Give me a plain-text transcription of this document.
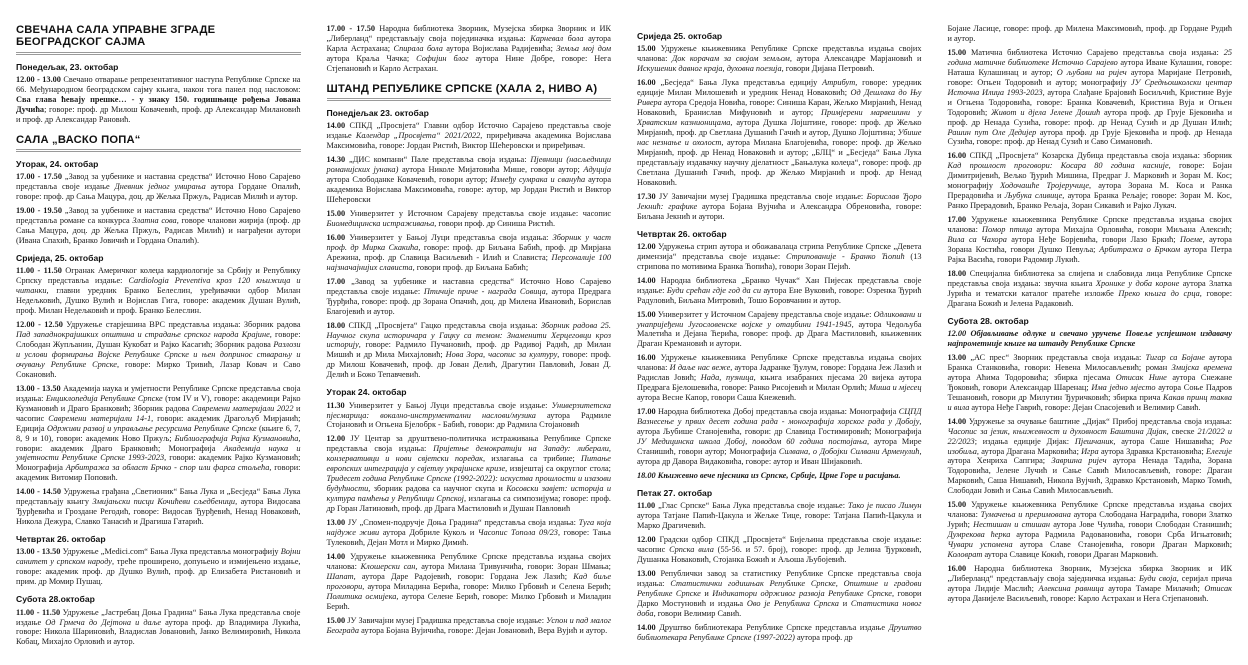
СВЕЧАНА САЛА УПРАВНЕ ЗГРАДЕ БЕОГРАДСКОГ САЈМА
Понедељак, 23. октобар

12.00 - 13.00 Свечано отварање репрезентативног наступа Републике Српске на 66. Међународном београдском сајму књига, након тога панел под насловом: Сва глава ћевају прешке… - у знаку 150. годишњице рођења Јована Дучића; говоре: проф. др Милош Ковачевић, проф. др Александар Милановић и проф. др Александар Рановић.

САЛА „ВАСКО ПОПА“
Уторак, 24. октобар

17.00 - 17.50 „Завод за уџбенике и наставна средства“ Источно Ново Сарајево представља своје издање Дневник једног умирања аутора Гордане Опалић, говоре: проф. др Сања Мацура, доц. др Жељка Пржуљ, Радисав Милић и аутор.

19.00 - 19.50 „Завод за уџбенике и наставна средства“ Источно Ново Сарајево представља романе са конкурса Златна сова, говоре чланови жирија (проф. др Сања Мацура, доц. др Жељка Пржуљ, Радисав Милић) и награђени аутори (Ивана Спахић, Бранко Јовичић и Гордана Опалић).

Сриједа, 25. октобар

11.00 - 11.50 Огранак Америчког колеџа кардиологије за Србију и Републику Српску представља издање: Cardiologia Preventiva кроз 120 књижица и читанки, главни уредник Бранко Белеслин, уређивачки одбор Милан Недељковић, Душко Вулић и Војислав Гига, говоре: академик Душан Вулић, проф. Милан Недељковић и проф. Бранко Белеслин.

12.00 - 12.50 Удружење старјешина ВРС представља издања: Зборник радова Пад западнокрајишких општина и страдање српског народа Крајине, говоре: Слободан Жупљанин, Душан Кукобат и Рајко Касагић; Зборник радова Разлози и услови формирања Војске Републике Српске и њен допринос стварању и очувању Републике Српске, говоре: Мирко Тривић, Лазар Ковач и Саво Сокановић.

13.00 - 13.50 Академија наука и умјетности Републике Српске представља своја издања: Енциклопедија Републике Српске (том IV и V), говоре: академици Рајко Кузмановић и Драго Бранковић; Зборник радова Савремени материјали 2022 и часопис Савремени материјали 14-1, говори: академик Драгољуб Мирјанић; Едиција Одрживи развој и управљање ресурсима Републике Српске (књиге 6, 7, 8, 9 и 10), говори: академик Ново Пржуљ; Библиографија Рајка Кузмановића, говори: академик Драго Бранковић; Монографија Академија наука и умјетности Републике Српске 1993-2023, говори: академик Рајко Кузмановић; Монографија Арбитража за област Брчко - спор или фарса стољећа, говори: академик Витомир Поповић.

14.00 - 14.50 Удружења грађана „Светионик“ Бања Лука и „Бесједа“ Бања Лука представљају књигу Змијањски писци Кочићеви сљедбеници, аутора Видосава Ђурђевића и Гроздане Регодић, говоре: Видосав Ђурђевић, Ненад Новаковић, Никола Дежура, Славко Танасић и Драгиша Гатарић.

Четвртак 26. октобар

13.00 - 13.50 Удружење „Medici.com“ Бања Лука представља монографију Војни санитет у српском народу, треће проширено, допуњено и измијењено издање, говоре: академик проф. др Душко Вулић, проф. др Елизабета Ристановић и прим. др Момир Пушац.

Субота 28.октобар

11.00 - 11.50 Удружење „Јастребац Доња Градина“ Бања Лука представља своје издање Од Грмеча до Дејтона и даље аутора проф. др Владимира Лукића, говоре: Никола Шариновић, Владислав Јовановић, Јанко Велимировић, Никола Кобац, Михајло Орловић и аутор.

17.00 - 17.50 Народна библиотека Зворник, Музејска збирка Зворник и ИК „Либерланд“ представљају своја појединачка издања: Карневал бола аутора Карла Астрахана; Спирала бола аутора Војислава Радијевића; Земља мој дом аутора Краља Чачка; Софијин блог аутора Нине Добре, говоре: Нега Стјепановић и Карло Астрахан.

ШТАНД РЕПУБЛИКЕ СРПСКЕ (ХАЛА 2, НИВО А)
Понедјељак 23. октобар

14.00 СПКД „Просвјета“ Главни одбор Источно Сарајево представља своје издање Календар „Просвјета“ 2021/2022, приређивача академика Војислава Максимовића, говоре: Јордан Ристић, Виктор Шећеровски и приређивач.

14.30 „ДИС компани“ Пале представља своја издања: Пјевници (насљедници романијских јунака) аутора Николе Мијатовића Мише, говори аутор; Адуција аутора Слободанке Ковачевић, говори аутор; Између сумрака и сванућа аутора академика Војислава Максимовића, говоре: аутор, мр Јордан Ристић и Виктор Шећеровски

15.00 Универзитет у Источном Сарајеву представља своје издање: часопис Биомедицинска истраживања, говори проф. др Синиша Ристић.

16.00 Универзитет у Бањој Луци представља своја издања: Зборник у част проф. др Мирка Скакића, говоре: проф. др Биљана Бабић, проф. др Мирјана Арежина, проф. др Славица Васиљевић - Илић и Слависта; Персоналије 100 најзначајнијих слависта, говори проф. др Биљана Бабић;

17.00 „Завод за уџбенике и наставна средства“ Источно Ново Сарајево представља своје издање: Птичије приче - награда Совица, аутора Предрага Ђурђића, говоре: проф. др Зорана Опачић, доц. др Милена Ивановић, Борислав Благојевић и аутор.

18.00 СПКД „Просвјета“ Гацко представља своја издања: Зборник радова 25. Научног скупа историчара у Гацку са темом: Знаменити Херцеговци кроз историју, говоре: Радмило Пучановић, проф. др Радивој Радић, др Милан Мишић и др Мила Михајловић; Нова Зора, часопис за културу, говоре: проф. др Милош Ковачевић, проф. др Јован Делић, Драгутин Павловић, Јован Д. Делић и Божо Тепавчевић.

Уторак 24. октобар

11.30 Универзитет у Бањој Луци представља своје издање: Универзитетска пјесмарица: вокално-инструментални наслови/музика аутора Радмиле Стојановић и Огњена Бјелобрк - Бабић, говори: др Радмила Стојановић

12.00 ЈУ Центар за друштвено-политичка истраживања Републике Српске представља своја издања: Пријетње демократији на Западу: либерали, конзервативци и нови свјетски поредак, излагања са трибине; Питање европских интеграција у свјетлу украјинске кризе, извјештај са округлог стола; Тридесет година Републике Српске (1992-2022): искуства прошлости и изазови будућности, зборник радова са научног скупа и Косовски завјет: историја и култура памћења у Републици Српској, излагања са симпозијума; говоре: проф. др Горан Латиновић, проф. др Драга Мастиловић и Душан Павловић

13.00 ЈУ „Спомен-подручје Доња Градина“ представља своја издања: Туга која најдуже живи аутора Добриле Кукољ и Часопис Топола 09/23, говоре: Тања Тулековић, Дејан Мотл и Мирко Димић.

14.00 Удружење књижевника Републике Српске представља издања својих чланова: Клошерски сан, аутора Милана Тривунчића, говори: Зоран Шмања; Шапат, аутора Даре Радојевић, говори: Гордана Јеж Лазић; Кад биље проговори, аутора Миладина Берића, говоре: Милко Грбовић и Селена Берић; Политика осмијека, аутора Селене Берић, говоре: Милко Грбовић и Миладин Берић.

15.00 ЈУ Завичајни музеј Градишка представља своје издање: Успон и пад малог Београда аутора Бојана Вујичића, говоре: Дејан Јовановић, Вера Вујић и аутор.

Сриједа 25. октобар

15.00 Удружење књижевника Републике Српске представља издања својих чланова: Док корачам за својом земљом, аутора Александре Марјановић и Искушеник давног краја, духовна поезија, говори Дијана Петровић.

16.00 „Бесједа“ Бања Лука представља едицију Атрибут, говоре: уредник едиције Милан Милошевић и уредник Ненад Новаковић; Од Дешлака до Њу Ривера аутора Средоја Новића, говоре: Синиша Каран, Жељко Мирјанић, Ненад Новаковић, Бранислав Мифуновић и аутор; Примјерени марвешини у Хрватским казнионицама, аутора Душка Лојштине, говоре: проф. др Жељко Мирјанић, проф. др Светлана Душанић Гачић и аутор, Душко Лојштина; Убише нас незнање и охолост, аутора Милана Благојевића, говоре: проф. др Жељко Мирјанић, проф. др Ненад Новаковић и аутор; „БЛЦ“ и „Бесједа“ Бања Лука представљају издавачку научну дјелатност „Бањалука колеџа“, говоре: проф. др Светлана Душанић Гачић, проф. др Жељко Мирјанић и проф. др Ненад Новаковић.

17.30 ЈУ Завичајни музеј Градишка представља своје издање: Борислав Ђоро Јекнић: графике аутора Бојана Вујчића и Александра Обреновића, говоре: Биљана Јекнић и аутори.

Четвртак 26. октобар

12.00 Удружења стрип аутора и обожавалаца стрипа Републике Српске „Девета димензија“ представља своје издање: Стрипованије - Бранко Ћопић (13 стрипова по мотивима Бранка Ћопића), говори Зоран Пејић.

14.00 Народна библиотека „Бранко Чучак“ Хан Пијесак представља своје издање: Буди срећан гдје год да си аутора Ене Вуковић, говоре: Озренка Ђурић Радуловић, Биљана Митровић, Тошо Боровчанин и аутор.

15.00 Универзитет у Источном Сарајеву представља своје издање: Одликовани и унапријеђени Југословенске војске у отаџбини 1941-1945, аутора Чедољуба Малетића и Дејана Ћерића, говоре: проф. др Драга Мастиловић, књижевник Драган Кремановић и аутори.

16.00 Удружење књижевника Републике Српске представља издања својих чланова: И даље нас веже, аутора Јадранке Ђулум, говоре: Гордана Јеж Лазић и Радислав Јовић; Нада, пузница, књига изабраних пјесама 20 вијека аутора Предрага Бјелошевића, говоре: Ранко Рисојевић и Милан Орлић; Миша и мјесец аутора Весне Капор, говори Саша Кнежевић.

17.00 Народна библиотека Добој представља своја издања: Монографија СЦПД Вазнесење у првих десет година рада - монографија хорског рада у Добоју, аутора Љубише Станојевића, говори: др Славица Гостимировић; Монографија ЈУ Медицинска школа Добој, поводом 60 година постојања, аутора Мире Станишић, говори аутор; Монографија Силвана, о Добојки Силвани Арменулић, аутора др Давора Видаковића, говоре: аутор и Иван Шијаковић.

18.00 Књижевно вече пјесника из Српске, Србије, Црне Горе и расијања.

Петак 27. октобар

11.00 „Глас Српске“ Бања Лука представља своје издање: Тако је писао Лимун аутора Татјане Папић-Цакула и Жељке Тице, говоре: Татјана Папић-Цакула и Марко Драгичевић.

12.00 Градски одбор СПКД „Просвјета“ Бијељина представља своје издање: часопис Српска вила (55-56. и 57. број), говоре: проф. др Јелина Ђурковић, Душанка Новаковић, Стојанка Божић и Аљоша Љубојевић.

13.00 Републички завод за статистику Републике Српске представља своја издања: Статистички годишњак Републике Српске, Општине и градови Републике Српске и Индикатори одрживог развоја Републике Српске, говори Дарко Мостуновић и издања Ово је Република Српска и Статистика новог доба, говори Велимир Савић.

14.00 Друштво библиотекара Републике Српске представља издање Друштво библиотекара Републике Српске (1997-2022) аутора проф. др

Бојане Ласице, говоре: проф. др Милена Максимовић, проф. др Гордане Рудић и аутор.

15.00 Матична библиотека Источно Сарајево представља своја издања: 25 година матичне библиотеке Источно Сарајево аутора Иване Кулашин, говоре: Наташа Кулашинац и аутор; О љубави на ријеч аутора Маријане Петровић, говоре: Огњен Тодоровић и аутор; монографију ЈУ Средњошколски центар Источна Илиџа 1993-2023, аутора Слађане Брајовић Босиљчић, Кристине Вује и Огњена Тодоровића, говоре: Бранка Ковачевић, Кристина Вуја и Огњен Тодоровић; Живот и дјела Јелене Дошић аутора проф. др Грује Бјековића и проф. др Ненада Сузића, говоре: проф. др Ненад Сузић и др Душан Илић; Рашин пут Оле Дедијер аутора проф. др Грује Бјековића и проф. др Ненада Сузића, говоре: проф. др Ненад Сузић и Саво Симановић.

16.00 СПКД „Просвјета“ Козарска Дубица представља своја издања: зборник Кад прошлост проговори: Косара 80 година касније, говоре: Бојан Димитријевић, Вељко Ђурић Мишина, Предраг Ј. Марковић и Зоран М. Кос; монографију Ходочашће Тројеручице, аутора Зорана М. Коса и Ранка Прерадовића и Љубука сливице, аутора Бранка Рељаје; говоре: Зоран М. Кос, Ранко Прерадовић, Бранко Рељаја, Зоран Сикавић и Рајко Лукач.

17.00 Удружење књижевника Републике Српске представља издања својих чланова: Помор птица аутора Михајла Орловића, говори Миљана Алексић; Вила са Чахора аутора Неђе Борјевића, говори Лазо Бркић; Поеме, аутора Зорана Костића, говори Душко Певуља; Арбитража о Брчком аутора Петра Рајка Васића, говори Радомир Лукић.

18.00 Специјална библиотека за слијепа и слабовида лица Републике Српске представља своја издања: звучна књига Хронике у доба короне аутора Златка Јурића и тематски каталог пратеће изложбе Преко књига до срца, говоре: Драгана Божић и Јелена Радаковић.

Субота 28. октобар

12.00 Објављивање одлуке и свечано уручење Повеље успјешном издавачу најпрометније књиге на штанду Републике Српске

13.00 „АС прес“ Зворник представља своја издања: Тигар са Бојане аутора Бранка Станковића, говори: Невена Милосављевић; роман Змијска времена аутора Аћима Тодоровића; збирка пјесама Отисак Нине аутора Снежане Ђоковић, говори Александар Шаренац; Има једно мјесто аутора Соње Падров Тешановић, говори др Милутин Ђуричковић; збирка прича Какав принц таква и вила аутора Неђе Гаврић, говоре: Дејан Спасојевић и Велимир Савић.

14.00 Удружење за очување баштине „Дијак“ Прибој представља своја издања: Часопис за језик, књижевност и духовност Баштина Дијак, свеске 21/2022 и 22/2023; издања едиције Дијак: Пјешчаник, аутора Саше Нишавића; Рог изобиља, аутора Драгана Марковића; Игра аутора Здравка Крстановића; Елегије аутора Хенриха Сапгира; Завршна ријеч аутора Ненада Тадића, Зорана Тодоровића, Јелене Лучић и Сање Савић Милосављевић, говоре: Драган Марковић, Саша Нишавић, Никола Вујчић, Здравко Крстановић, Марко Томић, Слободан Јовић и Сања Савић Милосављевић.

15.00 Удружење књижевника Републике Српске представља издања својих чланова: Тумачења и преримована аутора Слободана Наградића, говори Златко Јурић; Нестишан и стишан аутора Јове Чулића, говори Слободан Станишић; Думрекова ћерка аутора Радмила Радовановића, говори Срба Игњатовић; Чувари успомена аутора Славе Станојевића, говори Драган Марковић; Коловрат аутора Славице Кокић, говори Драган Марковић.

16.00 Народна библиотека Зворник, Музејска збирка Зворник и ИК „Либерланд“ представљају своја заједничка издања: Буди своја, серијал прича аутора Лидије Маслић; Алексина равница аутора Тамаре Милачић; Отисак аутора Данијеле Васиљевић, говоре: Карло Астрахан и Нега Стјепановић.
